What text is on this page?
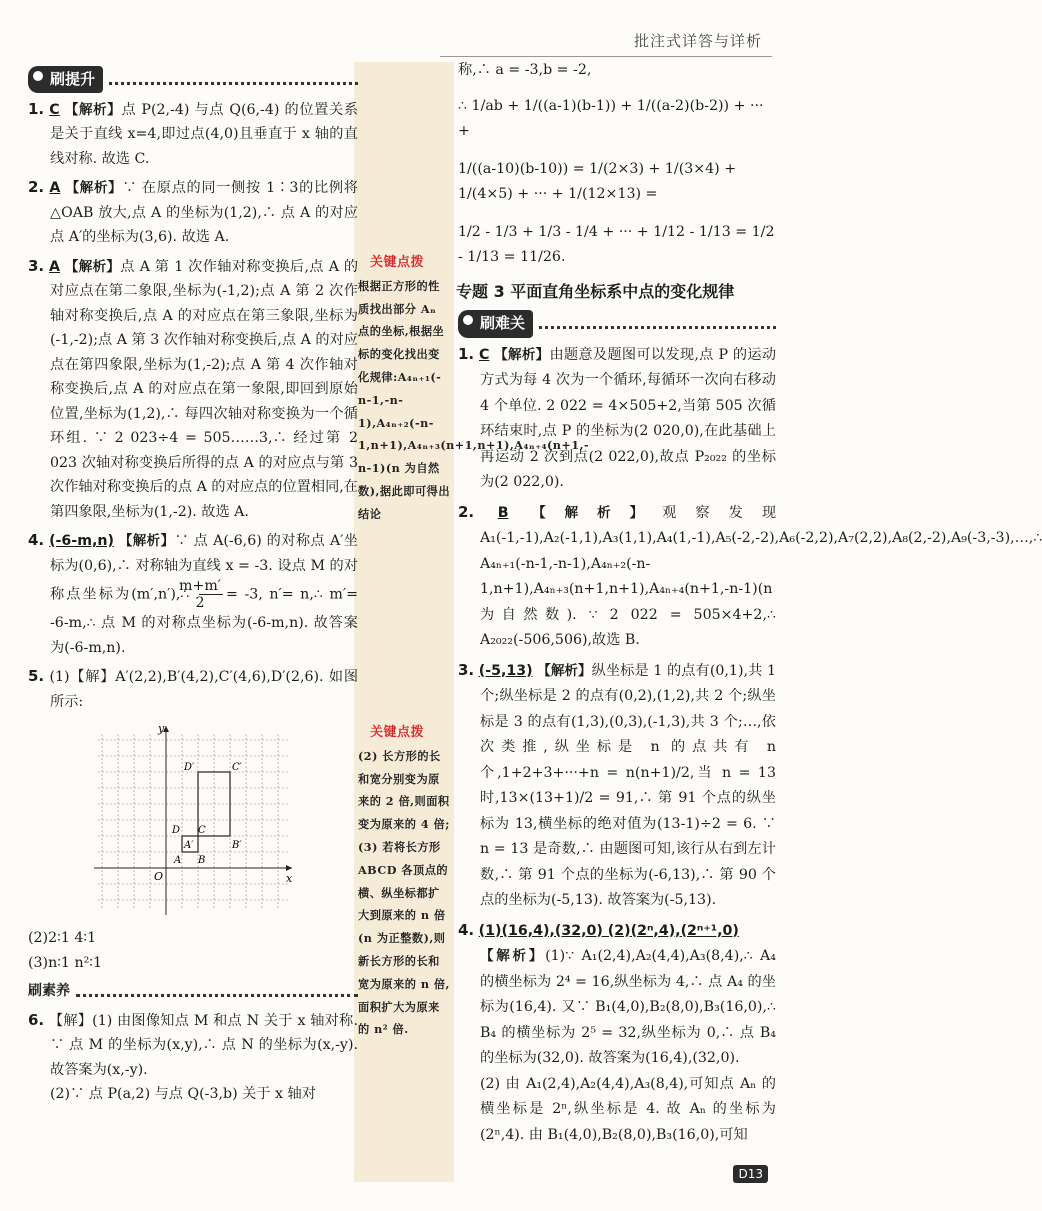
批注式详答与详析
刷提升

1. C 【解析】点 P(2,-4) 与点 Q(6,-4) 的位置关系是关于直线 x=4,即过点(4,0)且垂直于 x 轴的直线对称. 故选 C.

2. A 【解析】∵ 在原点的同一侧按 1∶3的比例将△OAB 放大,点 A 的坐标为(1,2),∴ 点 A 的对应点 A′的坐标为(3,6). 故选 A.

3. A 【解析】点 A 第 1 次作轴对称变换后,点 A 的对应点在第二象限,坐标为(-1,2);点 A 第 2 次作轴对称变换后,点 A 的对应点在第三象限,坐标为(-1,-2);点 A 第 3 次作轴对称变换后,点 A 的对应点在第四象限,坐标为(1,-2);点 A 第 4 次作轴对称变换后,点 A 的对应点在第一象限,即回到原始位置,坐标为(1,2),∴ 每四次轴对称变换为一个循环组. ∵ 2 023÷4 = 505……3,∴ 经过第 2 023 次轴对称变换后所得的点 A 的对应点与第 3 次作轴对称变换后的点 A 的对应点的位置相同,在第四象限,坐标为(1,-2). 故选 A.

4. (-6-m,n) 【解析】∵ 点 A(-6,6) 的对称点 A′坐标为(0,6),∴ 对称轴为直线 x = -3. 设点 M 的对称点坐标为(m′,n′),∴ $\frac{m+m'}{2} = -3$, n′= n,∴ m′= -6-m,∴ 点 M 的对称点坐标为(-6-m,n). 故答案为(-6-m,n).

5. (1)【解】A′(2,2),B′(4,2),C′(4,6),D′(2,6). 如图所示:

y
x
O
A B
C
D
A′	B′
C′
D′
(2)2∶1 4∶1
(3)n∶1 n²∶1
刷素养

6. 【解】(1) 由图像知点 M 和点 N 关于 x 轴对称. ∵ 点 M 的坐标为(x,y),∴ 点 N 的坐标为(x,-y). 故答案为(x,-y).
(2)∵ 点 P(a,2) 与点 Q(-3,b) 关于 x 轴对

关键点拨
根据正方形的性质找出部分 Aₙ 点的坐标,根据坐标的变化找出变化规律:A₄ₙ₊₁(-n-1,-n-1),A₄ₙ₊₂(-n-1,n+1),A₄ₙ₊₃(n+1,n+1),A₄ₙ₊₄(n+1,-n-1)(n 为自然数),据此即可得出结论
关键点拨
(2) 长方形的长和宽分别变为原来的 2 倍,则面积变为原来的 4 倍;(3) 若将长方形 ABCD 各顶点的横、纵坐标都扩大到原来的 n 倍(n 为正整数),则新长方形的长和宽为原来的 n 倍,面积扩大为原来的 n² 倍.
称,∴ a = -3,b = -2,
∴ 1/ab + 1/((a-1)(b-1)) + 1/((a-2)(b-2)) + ··· +
1/((a-10)(b-10)) = 1/(2×3) + 1/(3×4) + 1/(4×5) + ··· + 1/(12×13) =
1/2 - 1/3 + 1/3 - 1/4 + ··· + 1/12 - 1/13 = 1/2 - 1/13 = 11/26.
专题 3 平面直角坐标系中点的变化规律
刷难关

1. C 【解析】由题意及题图可以发现,点 P 的运动方式为每 4 次为一个循环,每循环一次向右移动 4 个单位. 2 022 = 4×505+2,当第 505 次循环结束时,点 P 的坐标为(2 020,0),在此基础上再运动 2 次到点(2 022,0),故点 P₂₀₂₂ 的坐标为(2 022,0).

2. B 【解析】观察发现 A₁(-1,-1),A₂(-1,1),A₃(1,1),A₄(1,-1),A₅(-2,-2),A₆(-2,2),A₇(2,2),A₈(2,-2),A₉(-3,-3),…,∴ A₄ₙ₊₁(-n-1,-n-1),A₄ₙ₊₂(-n-1,n+1),A₄ₙ₊₃(n+1,n+1),A₄ₙ₊₄(n+1,-n-1)(n 为自然数). ∵ 2 022 = 505×4+2,∴ A₂₀₂₂(-506,506),故选 B.

3. (-5,13) 【解析】纵坐标是 1 的点有(0,1),共 1 个;纵坐标是 2 的点有(0,2),(1,2),共 2 个;纵坐标是 3 的点有(1,3),(0,3),(-1,3),共 3 个;…,依次类推,纵坐标是 n 的点共有 n 个,1+2+3+···+n = n(n+1)/2,当 n = 13 时,13×(13+1)/2 = 91,∴ 第 91 个点的纵坐标为 13,横坐标的绝对值为(13-1)÷2 = 6. ∵ n = 13 是奇数,∴ 由题图可知,该行从右到左计数,∴ 第 91 个点的坐标为(-6,13),∴ 第 90 个点的坐标为(-5,13). 故答案为(-5,13).

4. (1)(16,4),(32,0) (2)(2ⁿ,4),(2ⁿ⁺¹,0)
【解析】(1)∵ A₁(2,4),A₂(4,4),A₃(8,4),∴ A₄ 的横坐标为 2⁴ = 16,纵坐标为 4,∴ 点 A₄ 的坐标为(16,4). 又∵ B₁(4,0),B₂(8,0),B₃(16,0),∴ B₄ 的横坐标为 2⁵ = 32,纵坐标为 0,∴ 点 B₄ 的坐标为(32,0). 故答案为(16,4),(32,0).
(2) 由 A₁(2,4),A₂(4,4),A₃(8,4),可知点 Aₙ 的横坐标是 2ⁿ,纵坐标是 4. 故 Aₙ 的坐标为(2ⁿ,4). 由 B₁(4,0),B₂(8,0),B₃(16,0),可知

D13
